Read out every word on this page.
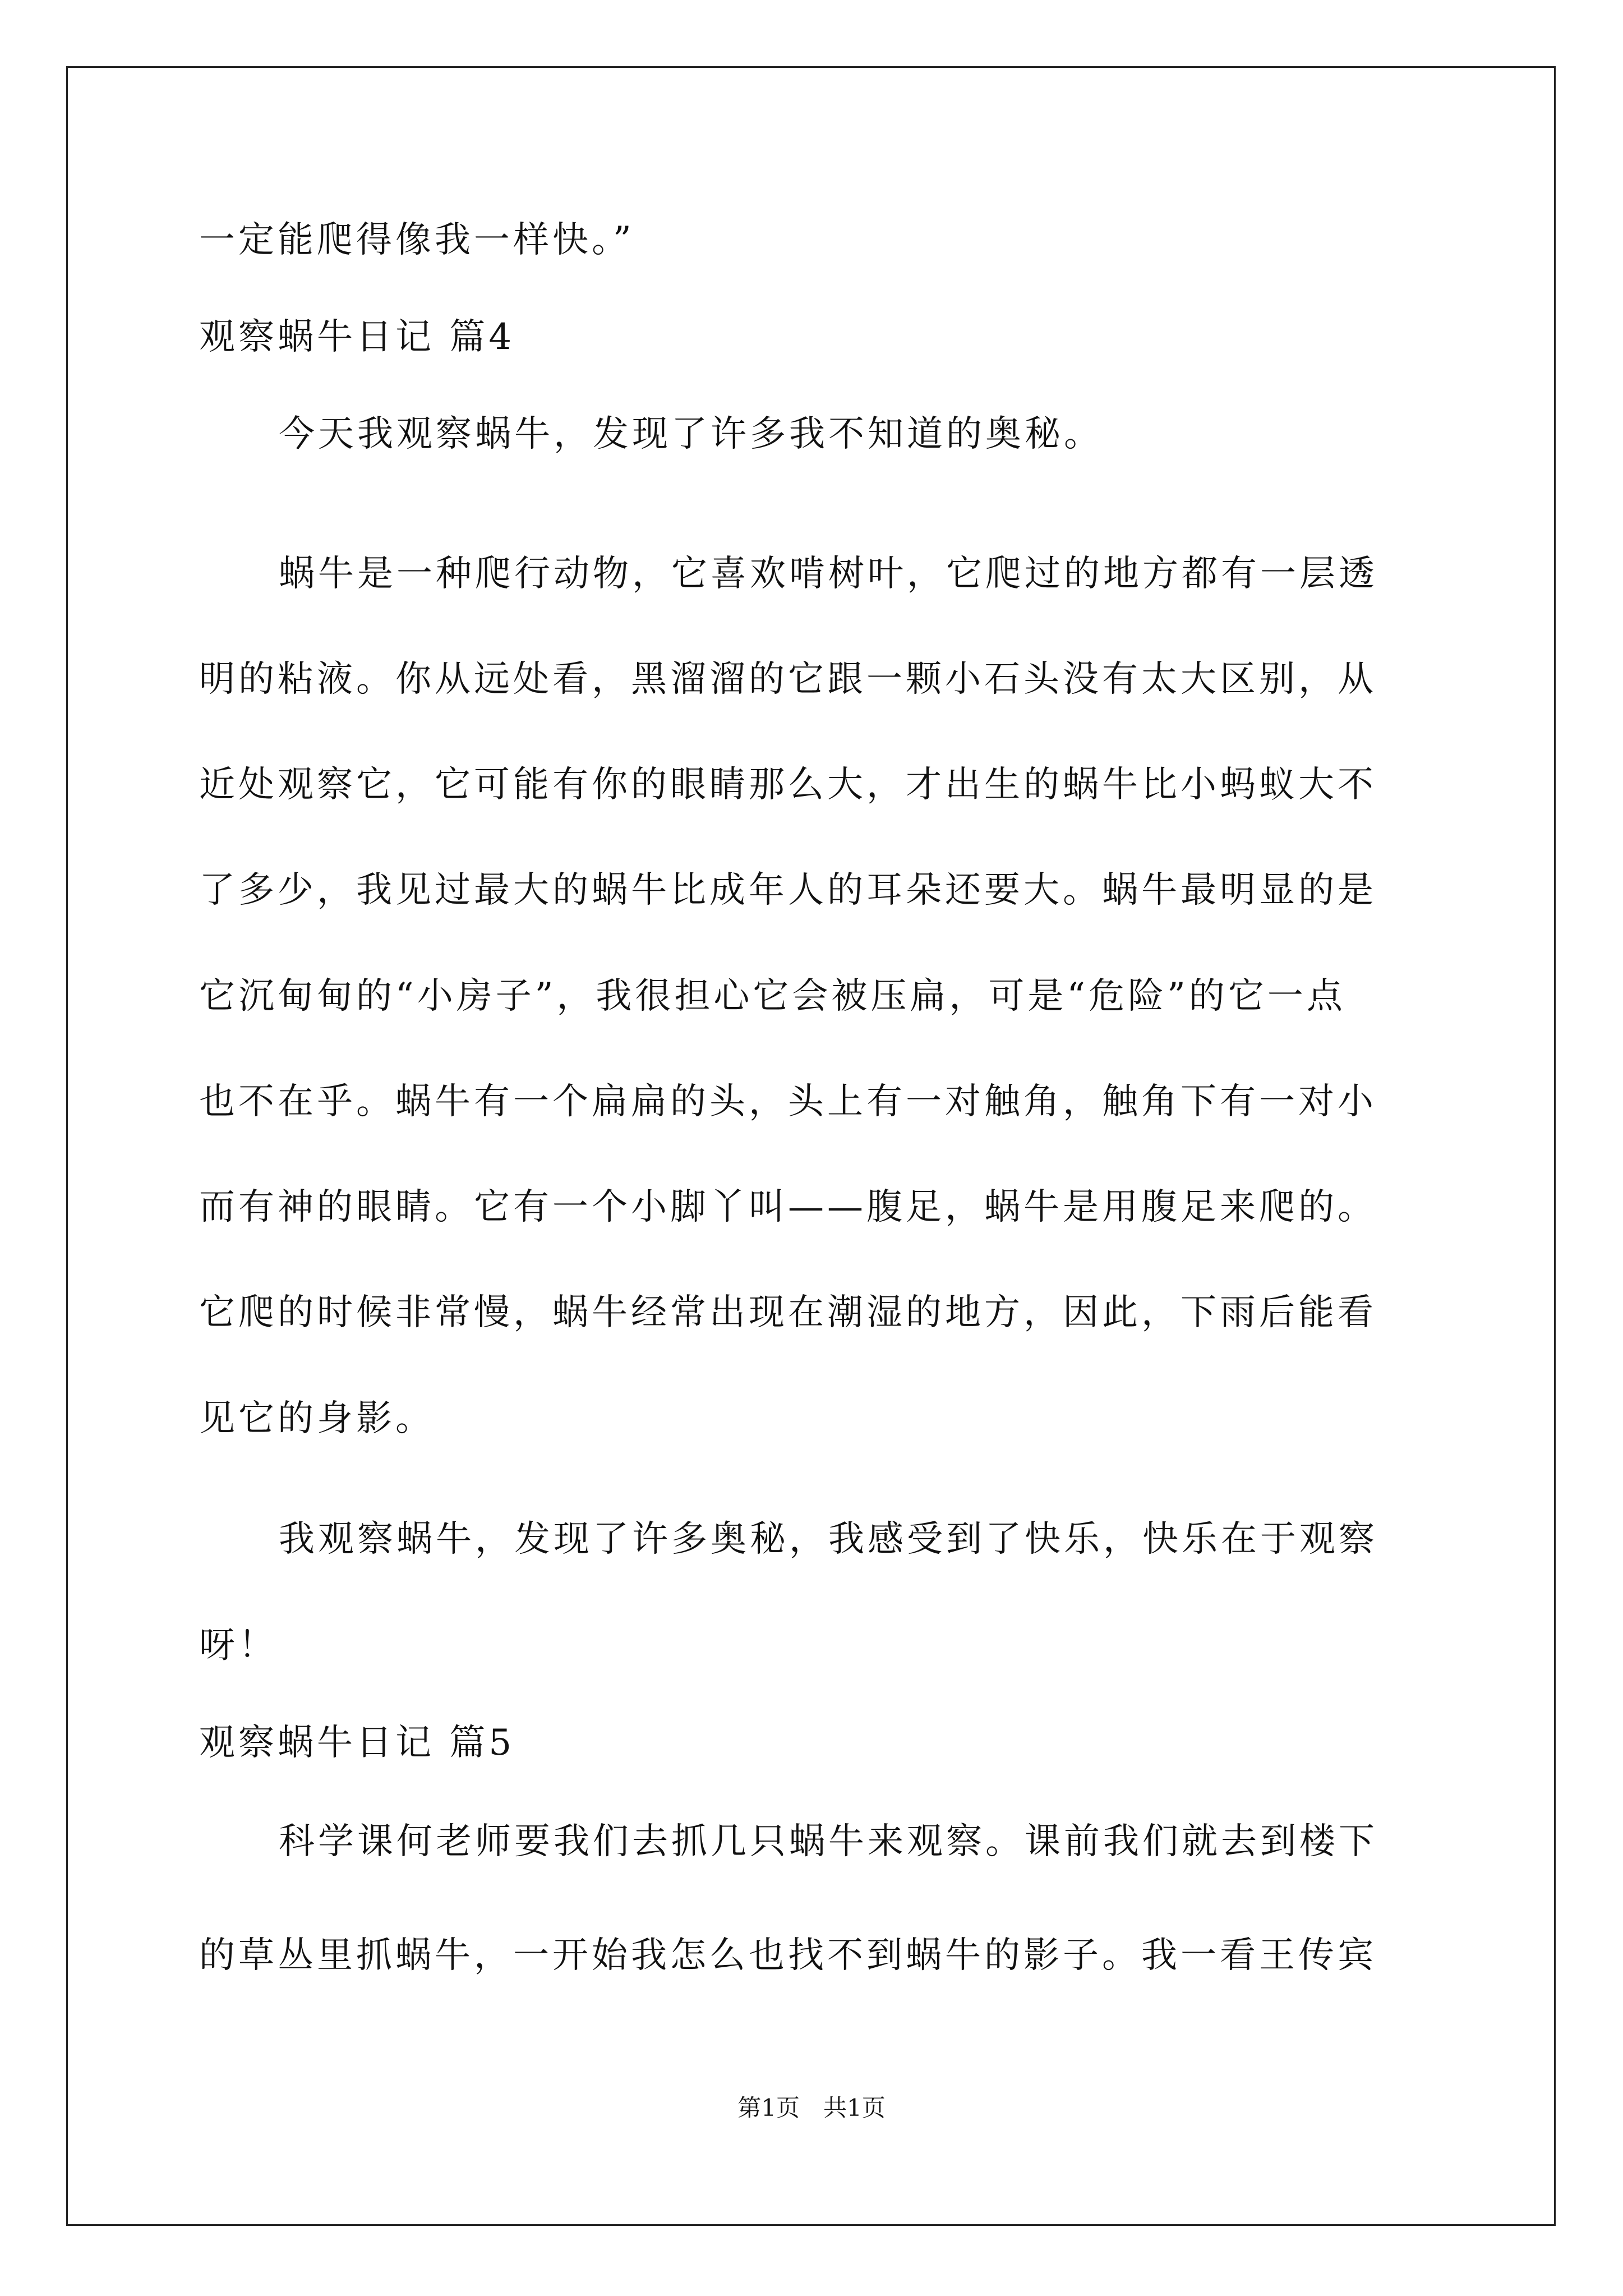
一定能爬得像我一样快。”
观察蜗牛日记 篇4
今天我观察蜗牛，发现了许多我不知道的奥秘。
蜗牛是一种爬行动物，它喜欢啃树叶，它爬过的地方都有一层透
明的粘液。你从远处看，黑溜溜的它跟一颗小石头没有太大区别，从
近处观察它，它可能有你的眼睛那么大，才出生的蜗牛比小蚂蚁大不
了多少，我见过最大的蜗牛比成年人的耳朵还要大。蜗牛最明显的是
它沉甸甸的“小房子”，我很担心它会被压扁，可是“危险”的它一点
也不在乎。蜗牛有一个扁扁的头，头上有一对触角，触角下有一对小
而有神的眼睛。它有一个小脚丫叫——腹足，蜗牛是用腹足来爬的。
它爬的时候非常慢，蜗牛经常出现在潮湿的地方，因此，下雨后能看
见它的身影。
我观察蜗牛，发现了许多奥秘，我感受到了快乐，快乐在于观察
呀！
观察蜗牛日记 篇5
科学课何老师要我们去抓几只蜗牛来观察。课前我们就去到楼下
的草丛里抓蜗牛，一开始我怎么也找不到蜗牛的影子。我一看王传宾
第1页　共1页
